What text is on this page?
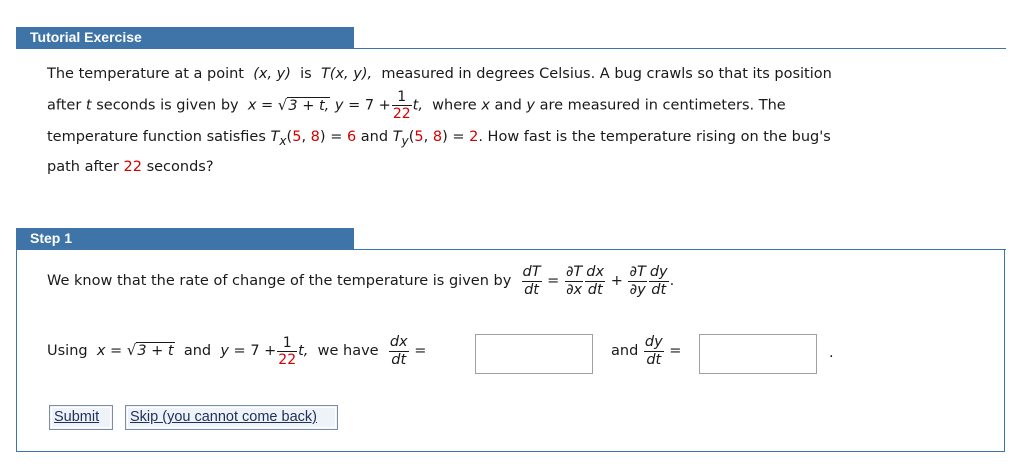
Tutorial Exercise
The temperature at a point (x, y) is T(x, y), measured in degrees Celsius. A bug crawls so that its position
after t seconds is given by x = √3 + t, $y = 7 + \frac{1}{22} t$, where x and y are measured in centimeters. The
temperature function satisfies $T_x(5$, 8) = 6 and $T_y(5$, 8) = 2. How fast is the temperature rising on the bug's
path after 22 seconds?
Step 1
We know that the rate of change of the temperature is given by $\frac{dT}{dt} = \frac{\partial T}{\partial x} \frac{dx}{dt} + \frac{\partial T}{\partial y} \frac{dy}{dt}$ .
Using x = √3 + t and $y = 7 + \frac{1}{22} t$, we have $\frac{dx}{dt}$ =	and $\frac{dy}{dt}$ =	.
Submit	Skip (you cannot come back)
